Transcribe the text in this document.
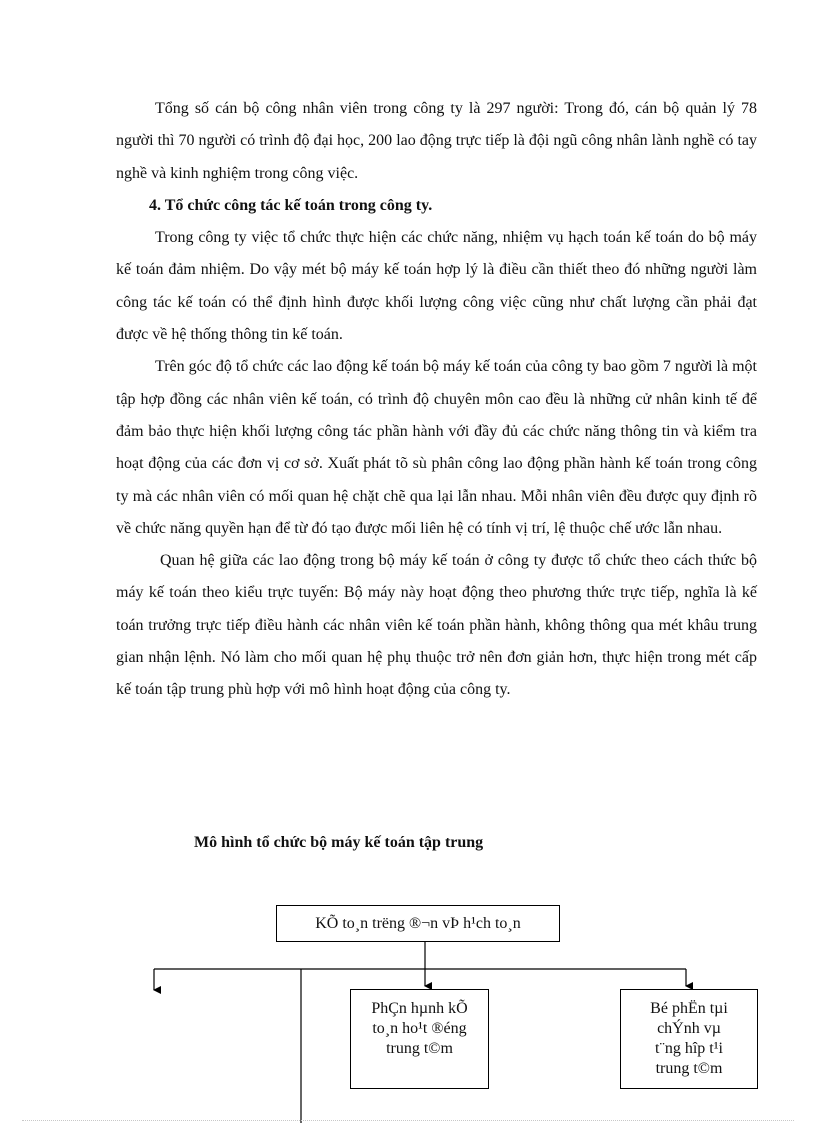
Tổng số cán bộ công nhân viên trong công ty là 297 người: Trong đó, cán bộ quản lý 78 người thì 70 người có trình độ đại học, 200 lao động trực tiếp là đội ngũ công nhân lành nghề có tay nghề và kinh nghiệm trong công việc.

4. Tổ chức công tác kế toán trong công ty.

Trong công ty việc tổ chức thực hiện các chức năng, nhiệm vụ hạch toán kế toán do bộ máy kế toán đảm nhiệm. Do vậy mét bộ máy kế toán hợp lý là điều cần thiết theo đó những người làm công tác kế toán có thể định hình được khối lượng công việc cũng như chất lượng cần phải đạt được về hệ thống thông tin kế toán.

Trên góc độ tổ chức các lao động kế toán bộ máy kế toán của công ty bao gồm 7 người là một tập hợp đồng các nhân viên kế toán, có trình độ chuyên môn cao đều là những cử nhân kinh tế để đảm bảo thực hiện khối lượng công tác phần hành với đầy đủ các chức năng thông tin và kiểm tra hoạt động của các đơn vị cơ sở. Xuất phát tõ sù phân công lao động phần hành kế toán trong công ty mà các nhân viên có mối quan hệ chặt chẽ qua lại lẫn nhau. Mỗi nhân viên đều được quy định rõ về chức năng quyền hạn để từ đó tạo được mối liên hệ có tính vị trí, lệ thuộc chế ước lẫn nhau.

Quan hệ giữa các lao động trong bộ máy kế toán ở công ty được tổ chức theo cách thức bộ máy kế toán theo kiểu trực tuyến: Bộ máy này hoạt động theo phương thức trực tiếp, nghĩa là kế toán trưởng trực tiếp điều hành các nhân viên kế toán phần hành, không thông qua mét khâu trung gian nhận lệnh. Nó làm cho mối quan hệ phụ thuộc trở nên đơn giản hơn, thực hiện trong mét cấp kế toán tập trung phù hợp với mô hình hoạt động của công ty.

Mô hình tổ chức bộ máy kế toán tập trung
KÕ to¸n trëng ®¬n vÞ h¹ch to¸n
PhÇn hµnh kÕ
to¸n ho¹t ®éng
trung t©m
Bé phËn tµi
chÝnh vµ
t¨ng hîp t¹i
trung t©m
